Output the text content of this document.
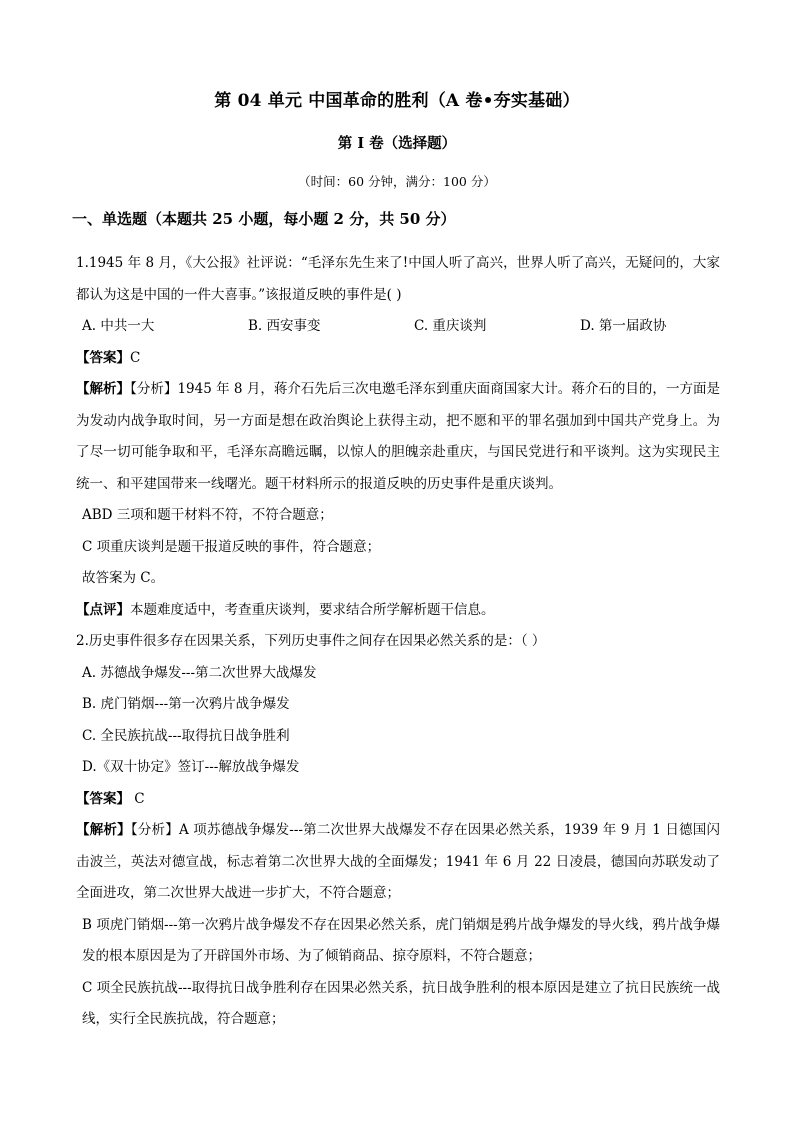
第 04 单元 中国革命的胜利（A 卷•夯实基础）
第 I 卷（选择题）
（时间：60 分钟，满分：100 分）
一、单选题（本题共 25 小题，每小题 2 分，共 50 分）

1.1945 年 8 月，《大公报》社评说：“毛泽东先生来了!中国人听了高兴，世界人听了高兴，无疑问的，大家都认为这是中国的一件大喜事。”该报道反映的事件是( )

A. 中共一大	B. 西安事变	C. 重庆谈判	D. 第一届政协

【答案】C

【解析】【分析】1945 年 8 月，蒋介石先后三次电邀毛泽东到重庆面商国家大计。蒋介石的目的，一方面是为发动内战争取时间，另一方面是想在政治舆论上获得主动，把不愿和平的罪名强加到中国共产党身上。为了尽一切可能争取和平，毛泽东高瞻远瞩，以惊人的胆魄亲赴重庆，与国民党进行和平谈判。这为实现民主统一、和平建国带来一线曙光。题干材料所示的报道反映的历史事件是重庆谈判。

ABD 三项和题干材料不符，不符合题意；

C 项重庆谈判是题干报道反映的事件，符合题意；

故答案为 C。

【点评】本题难度适中，考查重庆谈判，要求结合所学解析题干信息。

2.历史事件很多存在因果关系，下列历史事件之间存在因果必然关系的是：（ ）

A. 苏德战争爆发---第二次世界大战爆发

B. 虎门销烟---第一次鸦片战争爆发

C. 全民族抗战---取得抗日战争胜利

D.《双十协定》签订---解放战争爆发

【答案】 C

【解析】【分析】A 项苏德战争爆发---第二次世界大战爆发不存在因果必然关系，1939 年 9 月 1 日德国闪击波兰，英法对德宣战，标志着第二次世界大战的全面爆发；1941 年 6 月 22 日凌晨，德国向苏联发动了全面进攻，第二次世界大战进一步扩大，不符合题意；

B 项虎门销烟---第一次鸦片战争爆发不存在因果必然关系，虎门销烟是鸦片战争爆发的导火线，鸦片战争爆发的根本原因是为了开辟国外市场、为了倾销商品、掠夺原料，不符合题意；

C 项全民族抗战---取得抗日战争胜利存在因果必然关系，抗日战争胜利的根本原因是建立了抗日民族统一战线，实行全民族抗战，符合题意；
